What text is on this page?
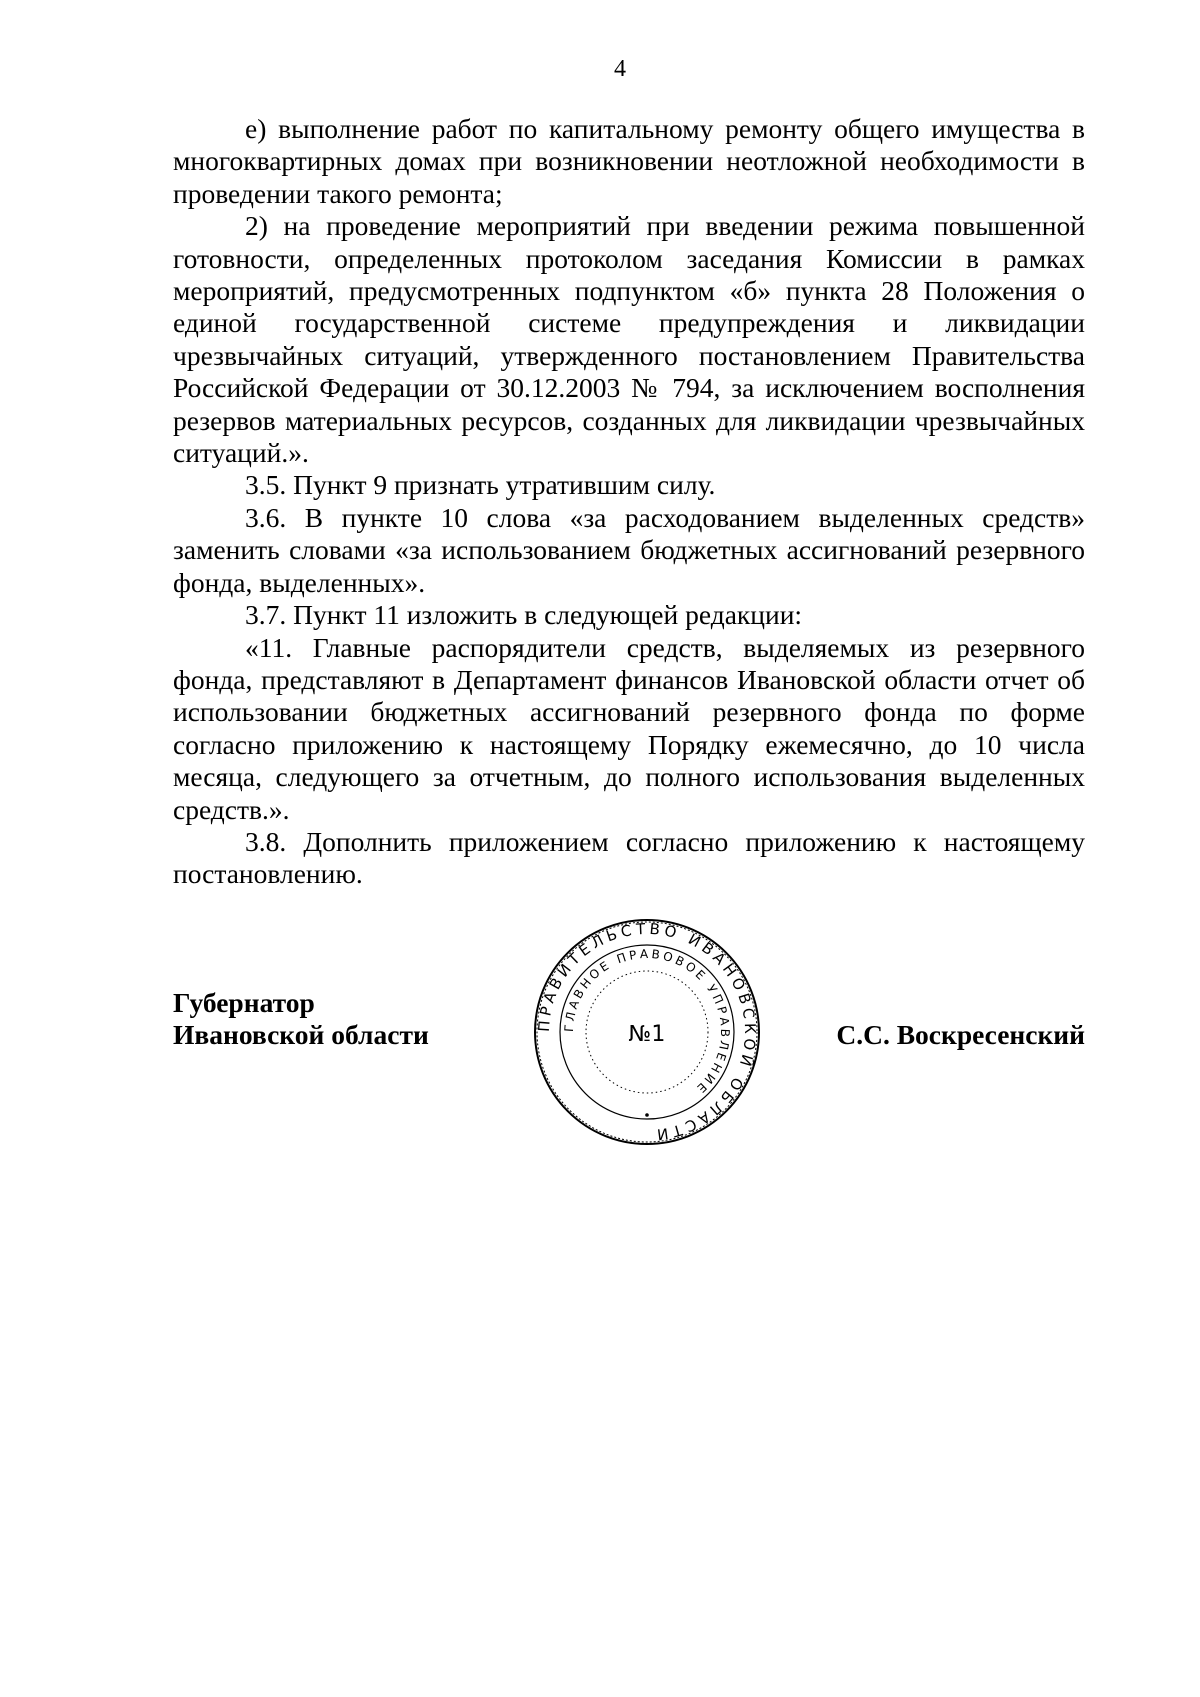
4

е) выполнение работ по капитальному ремонту общего имущества в многоквартирных домах при возникновении неотложной необходимости в проведении такого ремонта;

2) на проведение мероприятий при введении режима повышенной готовности, определенных протоколом заседания Комиссии в рамках мероприятий, предусмотренных подпунктом «б» пункта 28 Положения о единой государственной системе предупреждения и ликвидации чрезвычайных ситуаций, утвержденного постановлением Правительства Российской Федерации от 30.12.2003 № 794, за исключением восполнения резервов материальных ресурсов, созданных для ликвидации чрезвычайных ситуаций.».

3.5. Пункт 9 признать утратившим силу.

3.6. В пункте 10 слова «за расходованием выделенных средств» заменить словами «за использованием бюджетных ассигнований резервного фонда, выделенных».

3.7. Пункт 11 изложить в следующей редакции:

«11. Главные распорядители средств, выделяемых из резервного фонда, представляют в Департамент финансов Ивановской области отчет об использовании бюджетных ассигнований резервного фонда по форме согласно приложению к настоящему Порядку ежемесячно, до 10 числа месяца, следующего за отчетным, до полного использования выделенных средств.».

3.8. Дополнить приложением согласно приложению к настоящему постановлению.

Губернатор
Ивановской области	С.С. Воскресенский
ПРАВИТЕЛЬСТВО ИВАНОВСКОЙ ОБЛАСТИ
ГЛАВНОЕ ПРАВОВОЕ УПРАВЛЕНИЕ
№1
